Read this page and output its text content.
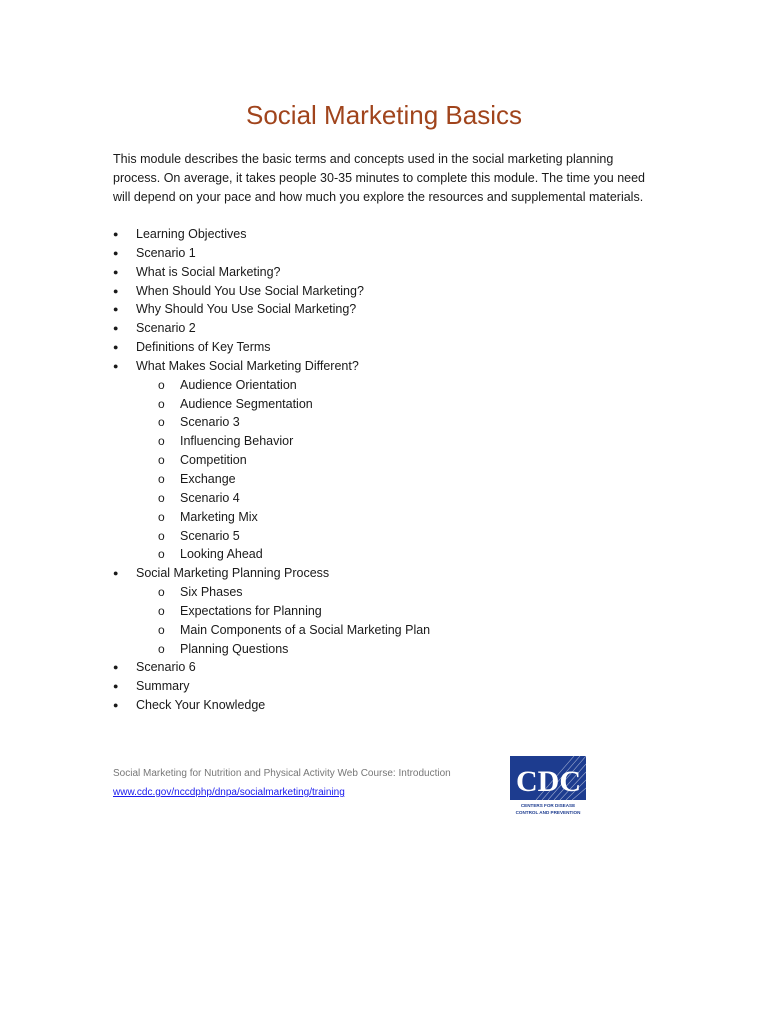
Social Marketing Basics

This module describes the basic terms and concepts used in the social marketing planning process. On average, it takes people 30-35 minutes to complete this module. The time you need will depend on your pace and how much you explore the resources and supplemental materials.

●	Learning Objectives
●	Scenario 1
●	What is Social Marketing?
●	When Should You Use Social Marketing?
●	Why Should You Use Social Marketing?
●	Scenario 2
●	Definitions of Key Terms
●	What Makes Social Marketing Different?
o Audience Orientation
o Audience Segmentation
o Scenario 3
o Influencing Behavior
o Competition
o Exchange
o Scenario 4
o Marketing Mix
o Scenario 5
o Looking Ahead
●	Social Marketing Planning Process
o Six Phases
o Expectations for Planning
o Main Components of a Social Marketing Plan
o Planning Questions
●	Scenario 6
●	Summary
●	Check Your Knowledge

Social Marketing for Nutrition and Physical Activity Web Course: Introduction

www.cdc.gov/nccdphp/dnpa/socialmarketing/training	CDC
CENTERS FOR DISEASE
CONTROL AND PREVENTION
